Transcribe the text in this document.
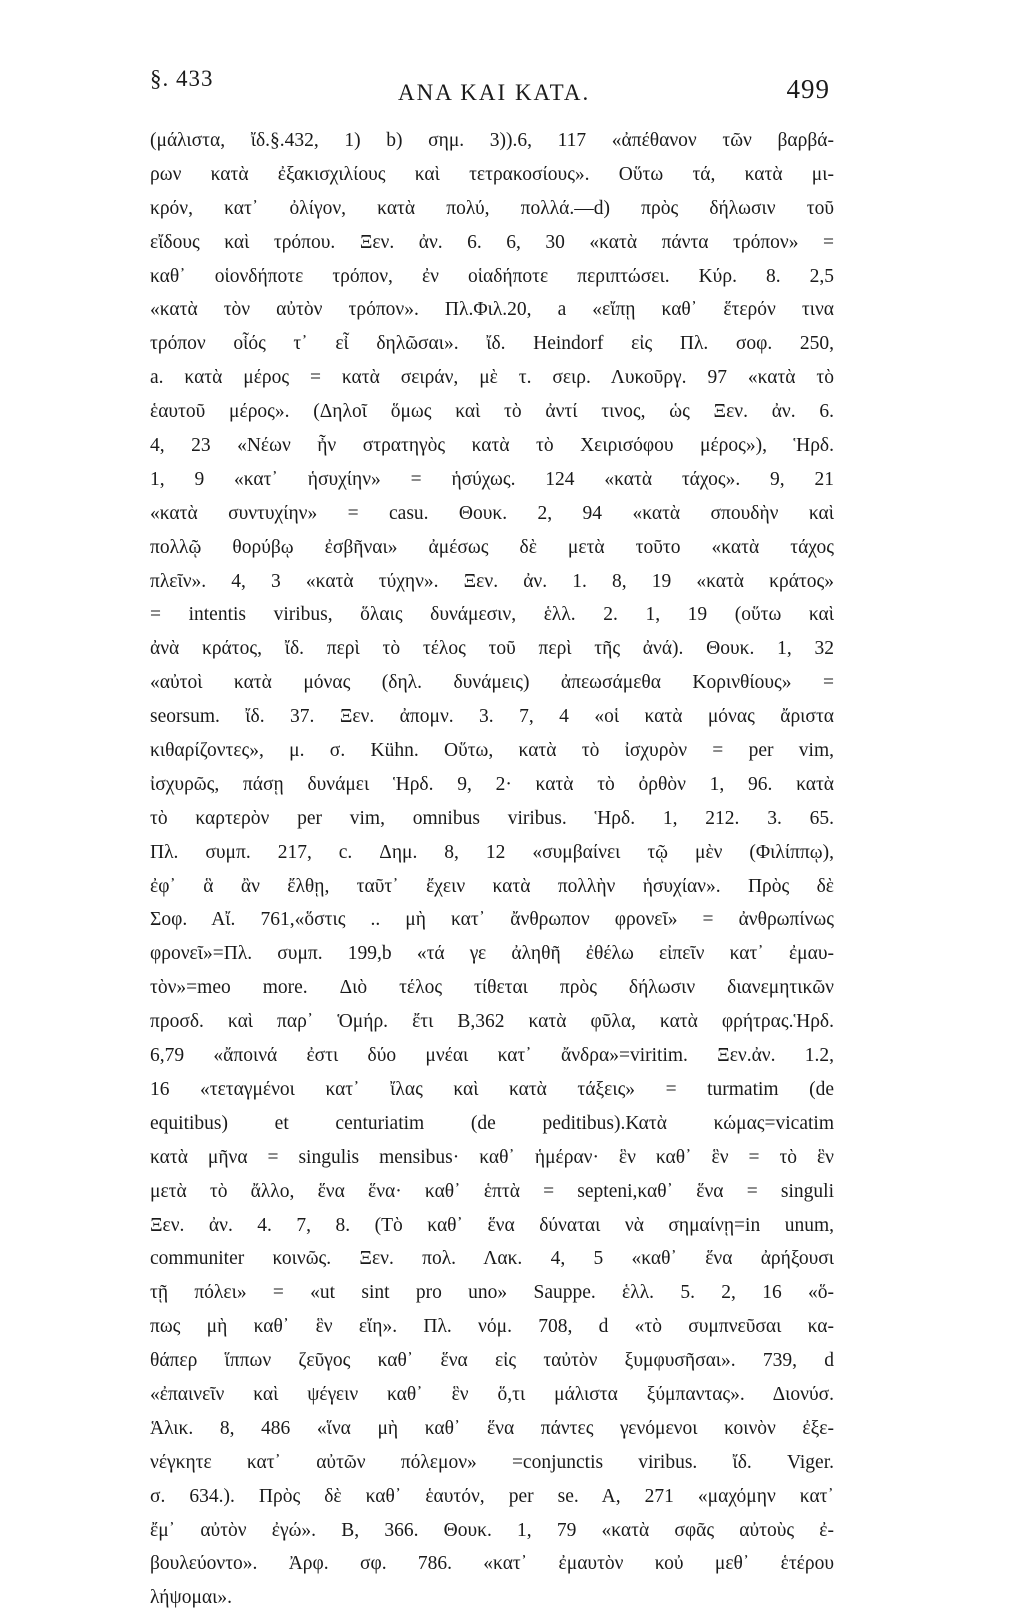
§. 433
ΑΝΑ ΚΑΙ ΚΑΤΑ.	499
(μάλιστα, ἴδ.§.432, 1) b) σημ. 3)).6, 117 «ἀπέθανον τῶν βαρβά-
ρων κατὰ ἐξακισχιλίους καὶ τετρακοσίους». Οὕτω τά, κατὰ μι-
κρόν, κατ᾽ ὀλίγον, κατὰ πολύ, πολλά.—d) πρὸς δήλωσιν τοῦ
εἴδους καὶ τρόπου. Ξεν. ἀν. 6. 6, 30 «κατὰ πάντα τρόπον» =
καθ᾽ οἱονδήποτε τρόπον, ἐν οἱαδήποτε περιπτώσει. Κύρ. 8. 2,5
«κατὰ τὸν αὐτὸν τρόπον». Πλ.Φιλ.20, a «εἴπῃ καθ᾽ ἕτερόν τινα
τρόπον οἷός τ᾽ εἶ δηλῶσαι». ἴδ. Heindorf εἰς Πλ. σοφ. 250,
a. κατὰ μέρος = κατὰ σειράν, μὲ τ. σειρ. Λυκοῦργ. 97 «κατὰ τὸ
ἑαυτοῦ μέρος». (Δηλοῖ ὅμως καὶ τὸ ἀντί τινος, ὡς Ξεν. ἀν. 6.
4, 23 «Νέων ἦν στρατηγὸς κατὰ τὸ Χειρισόφου μέρος»), Ἡρδ.
1, 9 «κατ᾽ ἡσυχίην» = ἡσύχως. 124 «κατὰ τάχος». 9, 21
«κατὰ συντυχίην» = casu. Θουκ. 2, 94 «κατὰ σπουδὴν καὶ
πολλῷ θορύβῳ ἐσβῆναι» ἀμέσως δὲ μετὰ τοῦτο «κατὰ τάχος
πλεῖν». 4, 3 «κατὰ τύχην». Ξεν. ἀν. 1. 8, 19 «κατὰ κράτος»
= intentis viribus, ὅλαις δυνάμεσιν, ἑλλ. 2. 1, 19 (οὕτω καὶ
ἀνὰ κράτος, ἴδ. περὶ τὸ τέλος τοῦ περὶ τῆς ἀνά). Θουκ. 1, 32
«αὐτοὶ κατὰ μόνας (δηλ. δυνάμεις) ἀπεωσάμεθα Κορινθίους» =
seorsum. ἴδ. 37. Ξεν. ἀπομν. 3. 7, 4 «οἱ κατὰ μόνας ἄριστα
κιθαρίζοντες», μ. σ. Kühn. Οὕτω, κατὰ τὸ ἰσχυρὸν = per vim,
ἰσχυρῶς, πάσῃ δυνάμει Ἡρδ. 9, 2· κατὰ τὸ ὀρθὸν 1, 96. κατὰ
τὸ καρτερὸν per vim, omnibus viribus. Ἡρδ. 1, 212. 3. 65.
Πλ. συμπ. 217, c. Δημ. 8, 12 «συμβαίνει τῷ μὲν (Φιλίππῳ),
ἐφ᾽ ἃ ἂν ἔλθῃ, ταῦτ᾽ ἔχειν κατὰ πολλὴν ἡσυχίαν». Πρὸς δὲ
Σοφ. Αἴ. 761,«ὅστις .. μὴ κατ᾽ ἄνθρωπον φρονεῖ» = ἀνθρωπίνως
φρονεῖ»=Πλ. συμπ. 199,b «τά γε ἀληθῆ ἐθέλω εἰπεῖν κατ᾽ ἐμαυ-
τὸν»=meo more. Διὸ τέλος τίθεται πρὸς δήλωσιν διανεμητικῶν
προσδ. καὶ παρ᾽ Ὁμήρ. ἔτι B,362 κατὰ φῦλα, κατὰ φρήτρας.Ἡρδ.
6,79 «ἄποινά ἐστι δύο μνέαι κατ᾽ ἄνδρα»=viritim. Ξεν.ἀν. 1.2,
16 «τεταγμένοι κατ᾽ ἴλας καὶ κατὰ τάξεις» = turmatim (de
equitibus) et centuriatim (de peditibus).Κατὰ κώμας=vicatim
κατὰ μῆνα = singulis mensibus· καθ᾽ ἡμέραν· ἓν καθ᾽ ἓν = τὸ ἓν
μετὰ τὸ ἄλλο, ἕνα ἕνα· καθ᾽ ἑπτὰ = septeni,καθ᾽ ἕνα = singuli
Ξεν. ἀν. 4. 7, 8. (Τὸ καθ᾽ ἕνα δύναται νὰ σημαίνῃ=in unum,
communiter κοινῶς. Ξεν. πολ. Λακ. 4, 5 «καθ᾽ ἕνα ἀρήξουσι
τῇ πόλει» = «ut sint pro uno» Sauppe. ἑλλ. 5. 2, 16 «ὅ-
πως μὴ καθ᾽ ἓν εἴη». Πλ. νόμ. 708, d «τὸ συμπνεῦσαι κα-
θάπερ ἵππων ζεῦγος καθ᾽ ἕνα εἰς ταὐτὸν ξυμφυσῆσαι». 739, d
«ἐπαινεῖν καὶ ψέγειν καθ᾽ ἓν ὅ,τι μάλιστα ξύμπαντας». Διονύσ.
Ἁλικ. 8, 486 «ἵνα μὴ καθ᾽ ἕνα πάντες γενόμενοι κοινὸν ἐξε-
νέγκητε κατ᾽ αὐτῶν πόλεμον» =conjunctis viribus. ἴδ. Viger.
σ. 634.). Πρὸς δὲ καθ᾽ ἑαυτόν, per se. A, 271 «μαχόμην κατ᾽
ἔμ᾽ αὐτὸν ἐγώ». B, 366. Θουκ. 1, 79 «κατὰ σφᾶς αὐτοὺς ἐ-
βουλεύοντο». Ἀρφ. σφ. 786. «κατ᾽ ἐμαυτὸν κοὐ μεθ᾽ ἑτέρου
λήψομαι».
